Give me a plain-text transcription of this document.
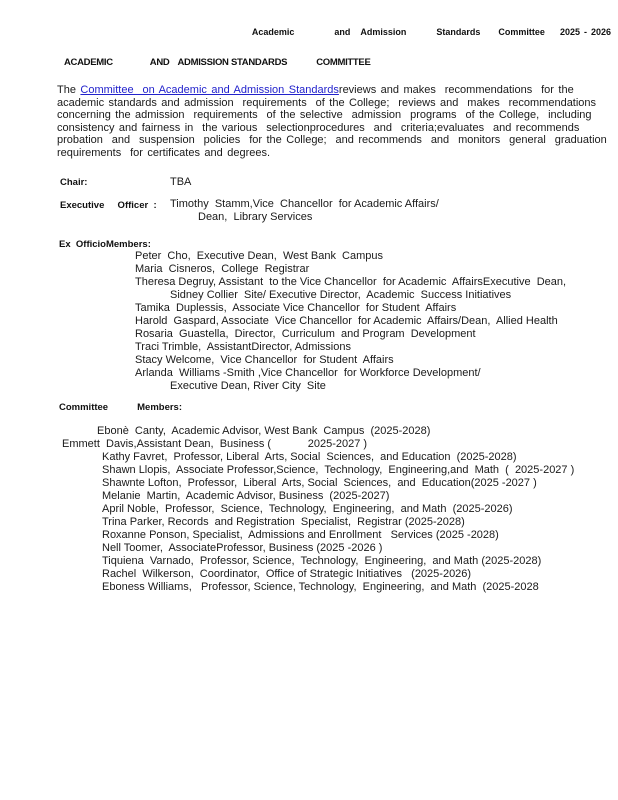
Academic	and Admission	Standards Committee 2025 - 2026
ACADEMIC	AND ADMISSION STANDARDS	COMMITTEE
The Committee  on Academic and Admission Standardsreviews and makes  recommendations  for the
academic standards and admission  requirements  of the College;  reviews and  makes  recommendations
concerning the admission  requirements  of the selective  admission  programs  of the College,  including
consistency and fairness in  the various  selectionprocedures  and  criteria;evaluates  and recommends
probation  and  suspension  policies  for the College;  and recommends  and  monitors  general  graduation
requirements  for certificates and degrees.
Chair:	TBA
Executive     Officer  : Timothy  Stamm,Vice  Chancellor  for Academic Affairs/
Dean,  Library Services
Ex  OfficioMembers:
Peter  Cho,  Executive Dean,  West Bank  Campus
Maria  Cisneros,  College  Registrar
Theresa Degruy, Assistant  to the Vice Chancellor  for Academic  AffairsExecutive  Dean,
Sidney Collier  Site/ Executive Director,  Academic  Success Initiatives
Tamika  Duplessis,  Associate Vice Chancellor  for Student  Affairs
Harold  Gaspard, Associate  Vice Chancellor  for Academic  Affairs/Dean,  Allied Health
Rosaria  Guastella,  Director,  Curriculum  and Program  Development
Traci Trimble,  AssistantDirector, Admissions
Stacy Welcome,  Vice Chancellor  for Student  Affairs
Arlanda  Williams -Smith ,Vice Chancellor  for Workforce Development/
Executive Dean, River City  Site
Committee           Members:
Ebonè  Canty,  Academic Advisor, West Bank  Campus  (2025-2028)
Emmett  Davis,Assistant Dean,  Business (            2025-2027 )
Kathy Favret,  Professor, Liberal  Arts, Social  Sciences,  and Education  (2025-2028)
Shawn Llopis,  Associate Professor,Science,  Technology,  Engineering,and  Math  (  2025-2027 )
Shawnte Lofton,  Professor,  Liberal  Arts, Social  Sciences,  and  Education(2025 -2027 )
Melanie  Martin,  Academic Advisor, Business  (2025-2027)
April Noble,  Professor,  Science,  Technology,  Engineering,  and Math  (2025-2026)
Trina Parker, Records  and Registration  Specialist,  Registrar (2025-2028)
Roxanne Ponson, Specialist,  Admissions and Enrollment   Services (2025 -2028)
Nell Toomer,  AssociateProfessor, Business (2025 -2026 )
Tiquiena  Varnado,  Professor, Science,  Technology,  Engineering,  and Math (2025-2028)
Rachel  Wilkerson,  Coordinator,  Office of Strategic Initiatives   (2025-2026)
Eboness Williams,   Professor, Science, Technology,  Engineering,  and Math  (2025-2028
